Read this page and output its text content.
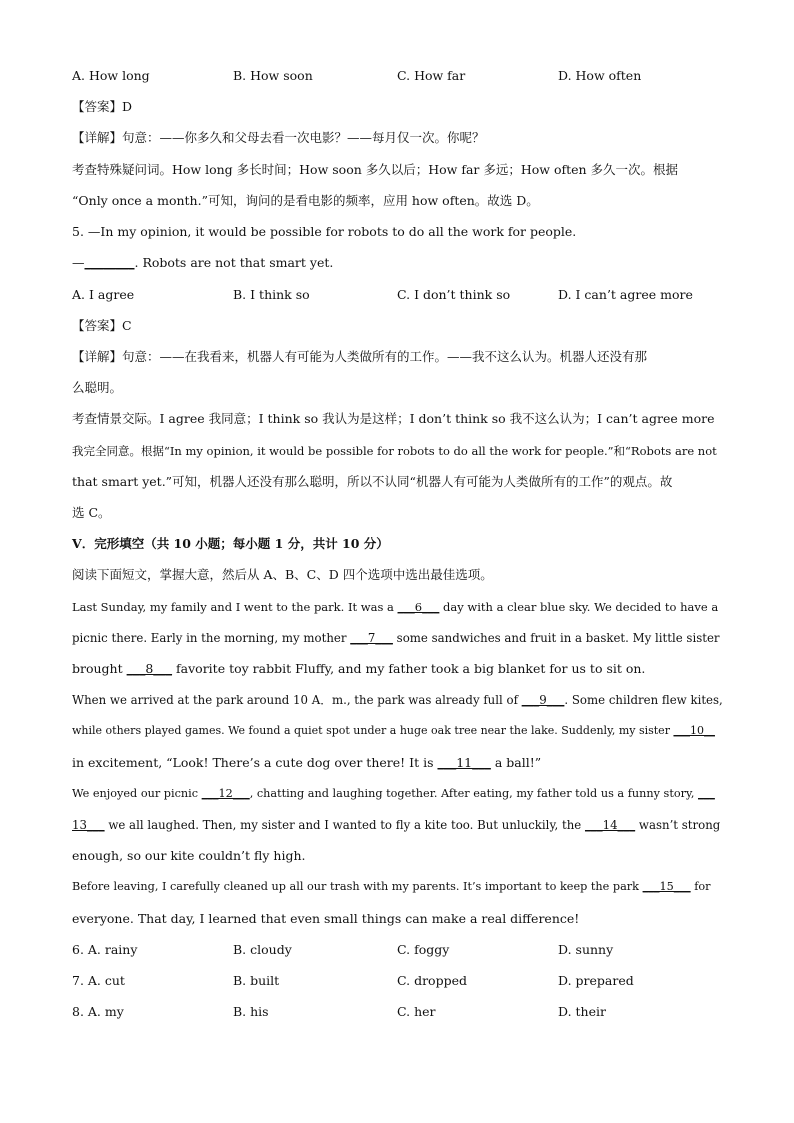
A. How long	B. How soon	C. How far	D. How often
【答案】D
【详解】句意：——你多久和父母去看一次电影？——每月仅一次。你呢？
考查特殊疑问词。How long 多长时间；How soon 多久以后；How far 多远；How often 多久一次。根据
“Only once a month.”可知，询问的是看电影的频率，应用 how often。故选 D。
5. —In my opinion, it would be possible for robots to do all the work for people.
—________. Robots are not that smart yet.
A. I agree	B. I think so	C. I don’t think so	D. I can’t agree more
【答案】C
【详解】句意：——在我看来，机器人有可能为人类做所有的工作。——我不这么认为。机器人还没有那
么聪明。
考查情景交际。I agree 我同意；I think so 我认为是这样；I don’t think so 我不这么认为；I can’t agree more
我完全同意。根据“In my opinion, it would be possible for robots to do all the work for people.”和“Robots are not
that smart yet.”可知，机器人还没有那么聪明，所以不认同“机器人有可能为人类做所有的工作”的观点。故
选 C。
V．完形填空（共 10 小题；每小题 1 分，共计 10 分）
阅读下面短文，掌握大意，然后从 A、B、C、D 四个选项中选出最佳选项。
Last Sunday, my family and I went to the park. It was a ___6___ day with a clear blue sky. We decided to have a
picnic there. Early in the morning, my mother ___7___ some sandwiches and fruit in a basket. My little sister
brought ___8___ favorite toy rabbit Fluffy, and my father took a big blanket for us to sit on.
When we arrived at the park around 10 A．m., the park was already full of ___9___. Some children flew kites,
while others played games. We found a quiet spot under a huge oak tree near the lake. Suddenly, my sister ___10__
in excitement, “Look! There’s a cute dog over there! It is ___11___ a ball!”
We enjoyed our picnic ___12___, chatting and laughing together. After eating, my father told us a funny story, ___
13___ we all laughed. Then, my sister and I wanted to fly a kite too. But unluckily, the ___14___ wasn’t strong
enough, so our kite couldn’t fly high.
Before leaving, I carefully cleaned up all our trash with my parents. It’s important to keep the park ___15___ for
everyone. That day, I learned that even small things can make a real difference!
6. A. rainy	B. cloudy	C. foggy	D. sunny
7. A. cut	B. built	C. dropped	D. prepared
8. A. my	B. his	C. her	D. their
